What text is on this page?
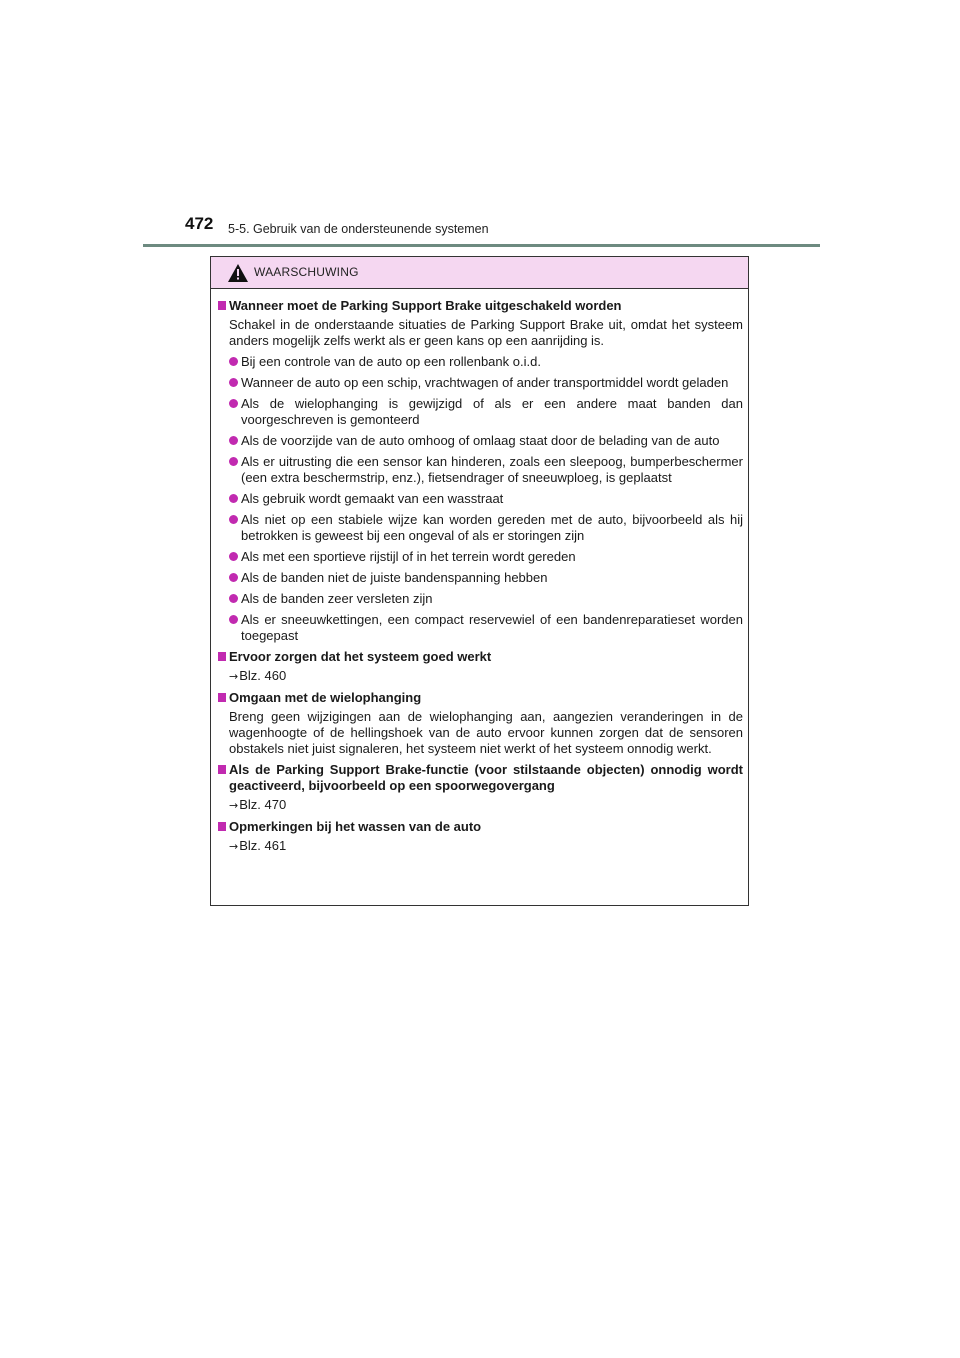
472 5-5. Gebruik van de ondersteunende systemen
WAARSCHUWING
Wanneer moet de Parking Support Brake uitgeschakeld worden
Schakel in de onderstaande situaties de Parking Support Brake uit, omdat het systeem anders mogelijk zelfs werkt als er geen kans op een aanrijding is.
Bij een controle van de auto op een rollenbank o.i.d.
Wanneer de auto op een schip, vrachtwagen of ander transportmiddel wordt geladen
Als de wielophanging is gewijzigd of als er een andere maat banden dan voorgeschreven is gemonteerd
Als de voorzijde van de auto omhoog of omlaag staat door de belading van de auto
Als er uitrusting die een sensor kan hinderen, zoals een sleepoog, bumperbeschermer (een extra beschermstrip, enz.), fietsendrager of sneeuwploeg, is geplaatst
Als gebruik wordt gemaakt van een wasstraat
Als niet op een stabiele wijze kan worden gereden met de auto, bijvoorbeeld als hij betrokken is geweest bij een ongeval of als er storingen zijn
Als met een sportieve rijstijl of in het terrein wordt gereden
Als de banden niet de juiste bandenspanning hebben
Als de banden zeer versleten zijn
Als er sneeuwkettingen, een compact reservewiel of een bandenreparatieset worden toegepast
Ervoor zorgen dat het systeem goed werkt
→Blz. 460
Omgaan met de wielophanging
Breng geen wijzigingen aan de wielophanging aan, aangezien veranderingen in de wagenhoogte of de hellingshoek van de auto ervoor kunnen zorgen dat de sensoren obstakels niet juist signaleren, het systeem niet werkt of het systeem onnodig werkt.
Als de Parking Support Brake-functie (voor stilstaande objecten) onnodig wordt geactiveerd, bijvoorbeeld op een spoorwegovergang
→Blz. 470
Opmerkingen bij het wassen van de auto
→Blz. 461
